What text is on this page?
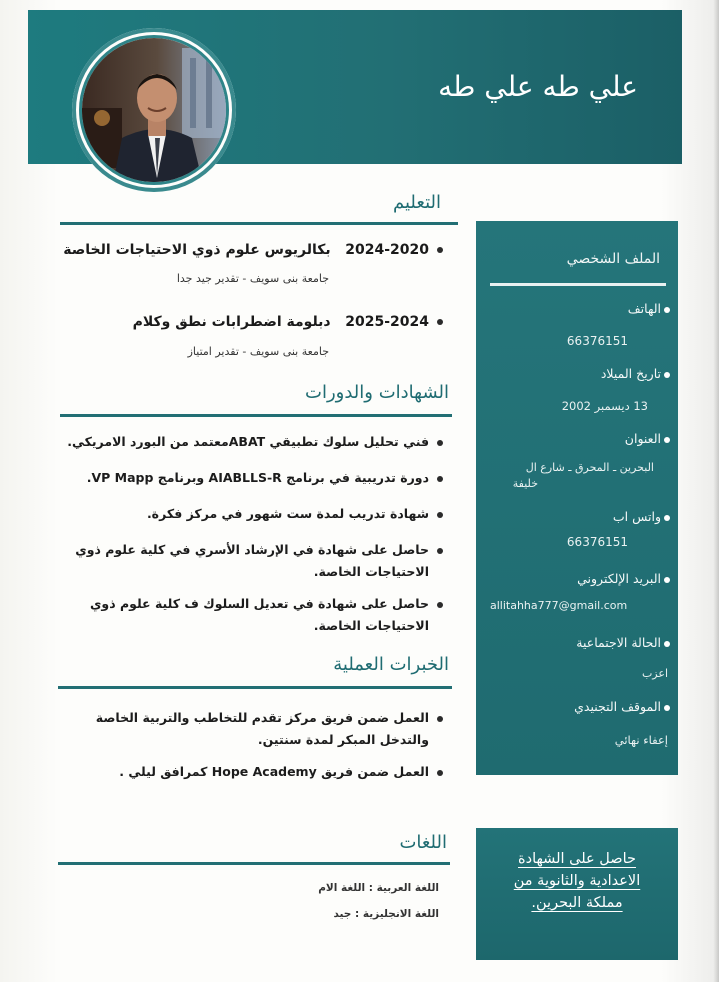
علي طه علي طه
الملف الشخصي
الهاتف
66376151
تاريخ الميلاد
13 ديسمبر 2002
العنوان
البحرين ـ المحرق ـ شارع ال
خليفة
واتس اب
66376151
البريد الإلكتروني
allitahha777@gmail.com
الحالة الاجتماعية
اعزب
الموقف التجنيدي
إعفاء نهائي
حاصل على الشهادة
الاعدادية والثانوية من
مملكة البحرين.
التعليم
2024-2020   بكالريوس علوم ذوي الاحتياجات الخاصة
جامعة بنى سويف - تقدير جيد جدا
2025-2024   دبلومة اضطرابات نطق وكلام
جامعة بنى سويف - تقدير امتياز
الشهادات والدورات
فني تحليل سلوك تطبيقي ABATمعتمد من البورد الامريكي.
دورة تدريبية في برنامج AIABLLS-R وبرنامج VP Mapp.
شهادة تدريب لمدة ست شهور في مركز فكرة.
حاصل على شهادة في الإرشاد الأسري في كلية علوم ذوي
الاحتياجات الخاصة.
حاصل على شهادة في تعديل السلوك ف كلية علوم ذوي
الاحتياجات الخاصة.
الخبرات العملية
العمل ضمن فريق مركز تقدم للتخاطب والتربية الخاصة
والتدخل المبكر لمدة سنتين.
العمل ضمن فريق Hope Academy كمرافق ليلي .
اللغات
اللغة العربية : اللغة الام
اللغة الانجليزية : جيد
